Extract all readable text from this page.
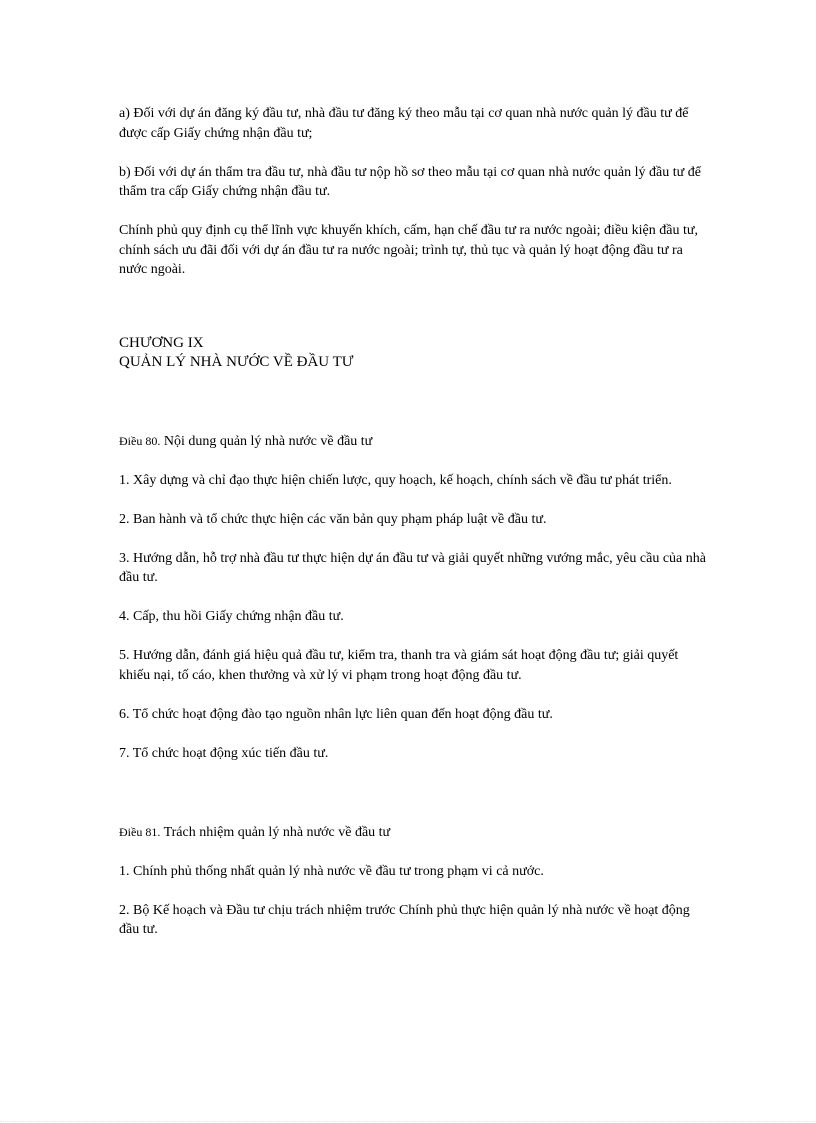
a) Đối với dự án đăng ký đầu tư, nhà đầu tư đăng ký theo mẫu tại cơ quan nhà nước quản lý đầu tư để được cấp Giấy chứng nhận đầu tư;

b) Đối với dự án thẩm tra đầu tư, nhà đầu tư nộp hồ sơ theo mẫu tại cơ quan nhà nước quản lý đầu tư để thẩm tra cấp Giấy chứng nhận đầu tư.

Chính phủ quy định cụ thể lĩnh vực khuyến khích, cấm, hạn chế đầu tư ra nước ngoài; điều kiện đầu tư, chính sách ưu đãi đối với dự án đầu tư ra nước ngoài; trình tự, thủ tục và quản lý hoạt động đầu tư ra nước ngoài.

CHƯƠNG IX
QUẢN LÝ NHÀ NƯỚC VỀ ĐẦU TƯ

Điều 80. Nội dung quản lý nhà nước về đầu tư

1. Xây dựng và chỉ đạo thực hiện chiến lược, quy hoạch, kế hoạch, chính sách về đầu tư phát triển.

2. Ban hành và tổ chức thực hiện các văn bản quy phạm pháp luật về đầu tư.

3. Hướng dẫn, hỗ trợ nhà đầu tư thực hiện dự án đầu tư và giải quyết những vướng mắc, yêu cầu của nhà đầu tư.

4. Cấp, thu hồi Giấy chứng nhận đầu tư.

5. Hướng dẫn, đánh giá hiệu quả đầu tư, kiểm tra, thanh tra và giám sát hoạt động đầu tư; giải quyết khiếu nại, tố cáo, khen thưởng và xử lý vi phạm trong hoạt động đầu tư.

6. Tổ chức hoạt động đào tạo nguồn nhân lực liên quan đến hoạt động đầu tư.

7. Tổ chức hoạt động xúc tiến đầu tư.

Điều 81. Trách nhiệm quản lý nhà nước về đầu tư

1. Chính phủ thống nhất quản lý nhà nước về đầu tư trong phạm vi cả nước.

2. Bộ Kế hoạch và Đầu tư chịu trách nhiệm trước Chính phủ thực hiện quản lý nhà nước về hoạt động đầu tư.
